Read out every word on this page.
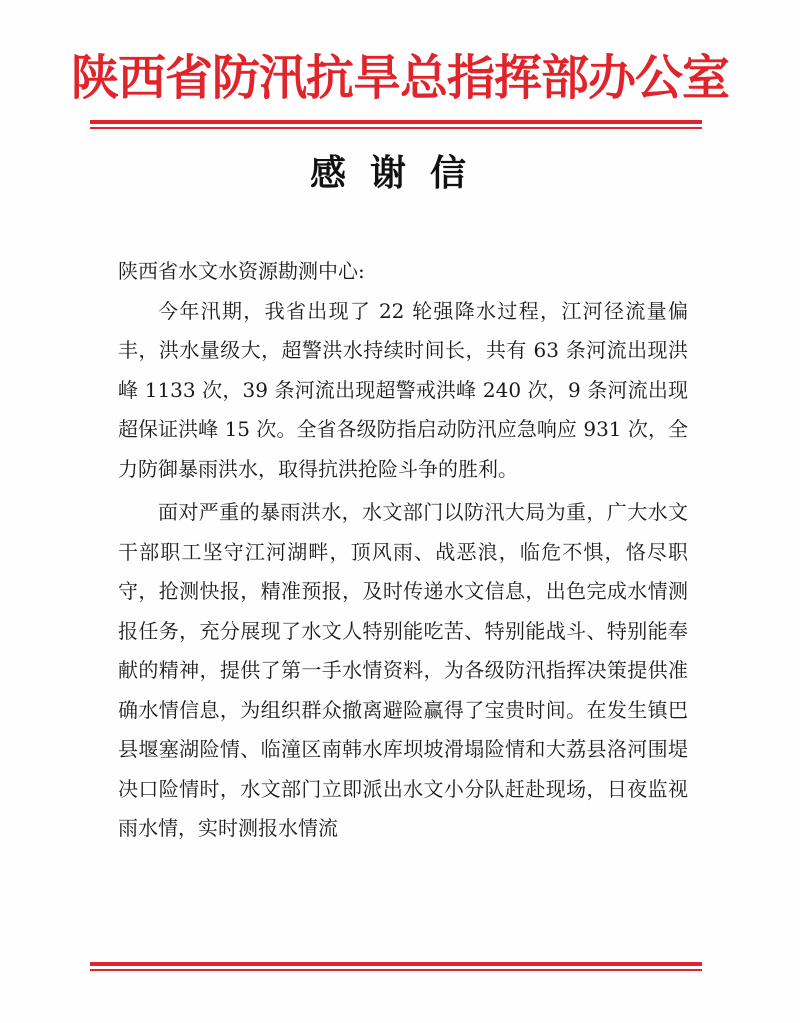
陕西省防汛抗旱总指挥部办公室
感谢信

陕西省水文水资源勘测中心:

今年汛期，我省出现了 22 轮强降水过程，江河径流量偏丰，洪水量级大，超警洪水持续时间长，共有 63 条河流出现洪峰 1133 次，39 条河流出现超警戒洪峰 240 次，9 条河流出现超保证洪峰 15 次。全省各级防指启动防汛应急响应 931 次，全力防御暴雨洪水，取得抗洪抢险斗争的胜利。

面对严重的暴雨洪水，水文部门以防汛大局为重，广大水文干部职工坚守江河湖畔，顶风雨、战恶浪，临危不惧，恪尽职守，抢测快报，精准预报，及时传递水文信息，出色完成水情测报任务，充分展现了水文人特别能吃苦、特别能战斗、特别能奉献的精神，提供了第一手水情资料，为各级防汛指挥决策提供准确水情信息，为组织群众撤离避险赢得了宝贵时间。在发生镇巴县堰塞湖险情、临潼区南韩水库坝坡滑塌险情和大荔县洛河围堤决口险情时，水文部门立即派出水文小分队赶赴现场，日夜监视雨水情，实时测报水情流
